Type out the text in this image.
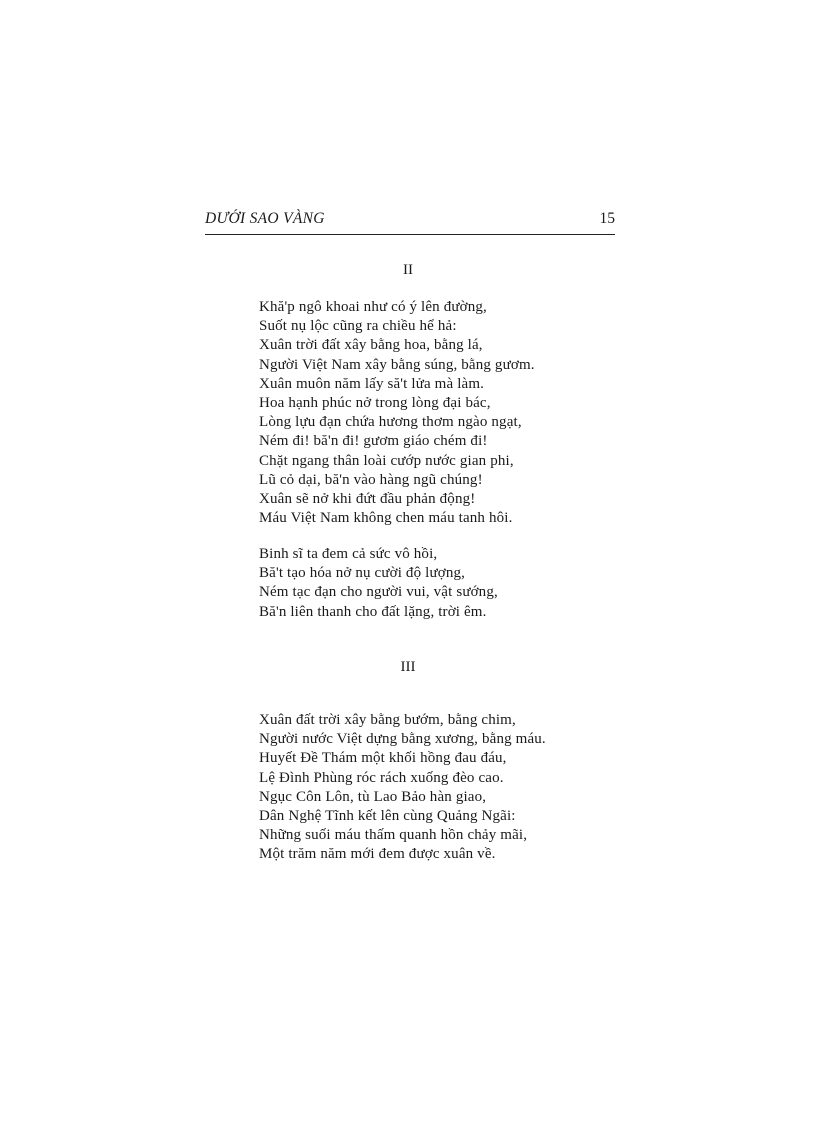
DƯỚI SAO VÀNG	15
II
Khă'p ngô khoai như có ý lên đường,
Suốt nụ lộc cũng ra chiều hể hả:
Xuân trời đất xây bằng hoa, bằng lá,
Người Việt Nam xây bằng súng, bằng gươm.
Xuân muôn năm lấy să't lửa mà làm.
Hoa hạnh phúc nở trong lòng đại bác,
Lòng lựu đạn chứa hương thơm ngào ngạt,
Ném đi! bă'n đi! gươm giáo chém đi!
Chặt ngang thân loài cướp nước gian phi,
Lũ cỏ dại, bă'n vào hàng ngũ chúng!
Xuân sẽ nở khi đứt đầu phản động!
Máu Việt Nam không chen máu tanh hôi.
Binh sĩ ta đem cả sức vô hồi,
Bă't tạo hóa nở nụ cười độ lượng,
Ném tạc đạn cho người vui, vật sướng,
Bă'n liên thanh cho đất lặng, trời êm.
III
Xuân đất trời xây bằng bướm, bằng chim,
Người nước Việt dựng bằng xương, bằng máu.
Huyết Đề Thám một khối hồng đau đáu,
Lệ Đình Phùng róc rách xuống đèo cao.
Ngục Côn Lôn, tù Lao Bảo hàn giao,
Dân Nghệ Tĩnh kết lên cùng Quảng Ngãi:
Những suối máu thấm quanh hồn chảy mãi,
Một trăm năm mới đem được xuân về.
